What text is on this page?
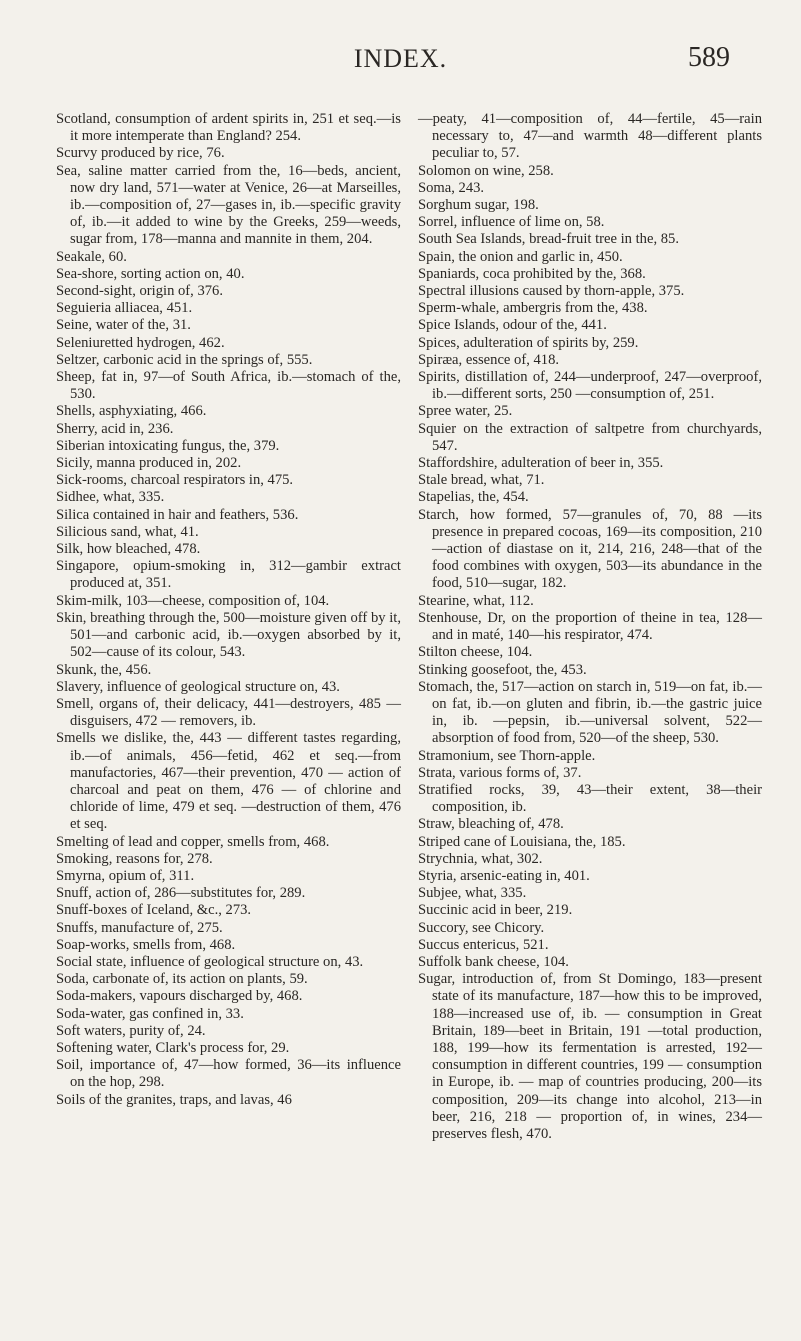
INDEX.	589

Scotland, consumption of ardent spirits in, 251 et seq.—is it more intemperate than England? 254.

Scurvy produced by rice, 76.

Sea, saline matter carried from the, 16—beds, ancient, now dry land, 571—water at Venice, 26—at Marseilles, ib.—composition of, 27—gases in, ib.—specific gravity of, ib.—it added to wine by the Greeks, 259—weeds, sugar from, 178—manna and mannite in them, 204.

Seakale, 60.

Sea-shore, sorting action on, 40.

Second-sight, origin of, 376.

Seguieria alliacea, 451.

Seine, water of the, 31.

Seleniuretted hydrogen, 462.

Seltzer, carbonic acid in the springs of, 555.

Sheep, fat in, 97—of South Africa, ib.—stomach of the, 530.

Shells, asphyxiating, 466.

Sherry, acid in, 236.

Siberian intoxicating fungus, the, 379.

Sicily, manna produced in, 202.

Sick-rooms, charcoal respirators in, 475.

Sidhee, what, 335.

Silica contained in hair and feathers, 536.

Silicious sand, what, 41.

Silk, how bleached, 478.

Singapore, opium-smoking in, 312—gambir extract produced at, 351.

Skim-milk, 103—cheese, composition of, 104.

Skin, breathing through the, 500—moisture given off by it, 501—and carbonic acid, ib.—oxygen absorbed by it, 502—cause of its colour, 543.

Skunk, the, 456.

Slavery, influence of geological structure on, 43.

Smell, organs of, their delicacy, 441—destroyers, 485 — disguisers, 472 — removers, ib.

Smells we dislike, the, 443 — different tastes regarding, ib.—of animals, 456—fetid, 462 et seq.—from manufactories, 467—their prevention, 470 — action of charcoal and peat on them, 476 — of chlorine and chloride of lime, 479 et seq. —destruction of them, 476 et seq.

Smelting of lead and copper, smells from, 468.

Smoking, reasons for, 278.

Smyrna, opium of, 311.

Snuff, action of, 286—substitutes for, 289.

Snuff-boxes of Iceland, &c., 273.

Snuffs, manufacture of, 275.

Soap-works, smells from, 468.

Social state, influence of geological structure on, 43.

Soda, carbonate of, its action on plants, 59.

Soda-makers, vapours discharged by, 468.

Soda-water, gas confined in, 33.

Soft waters, purity of, 24.

Softening water, Clark's process for, 29.

Soil, importance of, 47—how formed, 36—its influence on the hop, 298.

Soils of the granites, traps, and lavas, 46

—peaty, 41—composition of, 44—fertile, 45—rain necessary to, 47—and warmth 48—different plants peculiar to, 57.

Solomon on wine, 258.

Soma, 243.

Sorghum sugar, 198.

Sorrel, influence of lime on, 58.

South Sea Islands, bread-fruit tree in the, 85.

Spain, the onion and garlic in, 450.

Spaniards, coca prohibited by the, 368.

Spectral illusions caused by thorn-apple, 375.

Sperm-whale, ambergris from the, 438.

Spice Islands, odour of the, 441.

Spices, adulteration of spirits by, 259.

Spiræa, essence of, 418.

Spirits, distillation of, 244—underproof, 247—overproof, ib.—different sorts, 250 —consumption of, 251.

Spree water, 25.

Squier on the extraction of saltpetre from churchyards, 547.

Staffordshire, adulteration of beer in, 355.

Stale bread, what, 71.

Stapelias, the, 454.

Starch, how formed, 57—granules of, 70, 88 —its presence in prepared cocoas, 169—its composition, 210—action of diastase on it, 214, 216, 248—that of the food combines with oxygen, 503—its abundance in the food, 510—sugar, 182.

Stearine, what, 112.

Stenhouse, Dr, on the proportion of theine in tea, 128—and in maté, 140—his respirator, 474.

Stilton cheese, 104.

Stinking goosefoot, the, 453.

Stomach, the, 517—action on starch in, 519—on fat, ib.—on fat, ib.—on gluten and fibrin, ib.—the gastric juice in, ib. —pepsin, ib.—universal solvent, 522—absorption of food from, 520—of the sheep, 530.

Stramonium, see Thorn-apple.

Strata, various forms of, 37.

Stratified rocks, 39, 43—their extent, 38—their composition, ib.

Straw, bleaching of, 478.

Striped cane of Louisiana, the, 185.

Strychnia, what, 302.

Styria, arsenic-eating in, 401.

Subjee, what, 335.

Succinic acid in beer, 219.

Succory, see Chicory.

Succus entericus, 521.

Suffolk bank cheese, 104.

Sugar, introduction of, from St Domingo, 183—present state of its manufacture, 187—how this to be improved, 188—increased use of, ib. — consumption in Great Britain, 189—beet in Britain, 191 —total production, 188, 199—how its fermentation is arrested, 192—consumption in different countries, 199 — consumption in Europe, ib. — map of countries producing, 200—its composition, 209—its change into alcohol, 213—in beer, 216, 218 — proportion of, in wines, 234—preserves flesh, 470.
